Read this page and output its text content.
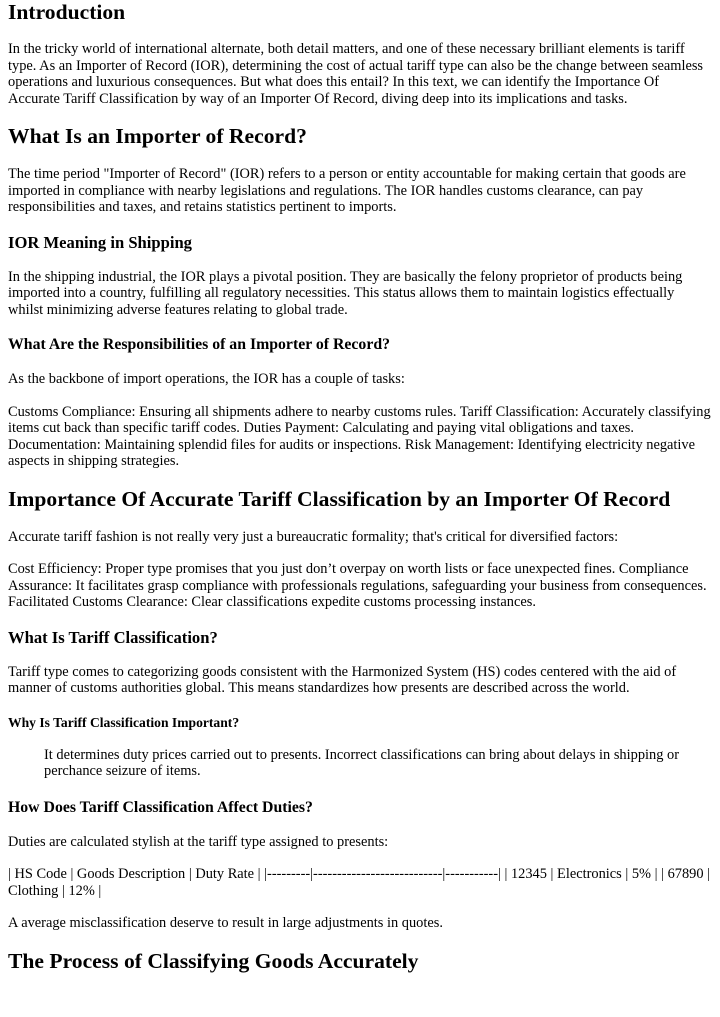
Introduction

In the tricky world of international alternate, both detail matters, and one of these necessary brilliant elements is tariff type. As an Importer of Record (IOR), determining the cost of actual tariff type can also be the change between seamless operations and luxurious consequences. But what does this entail? In this text, we can identify the Importance Of Accurate Tariff Classification by way of an Importer Of Record, diving deep into its implications and tasks.

What Is an Importer of Record?

The time period "Importer of Record" (IOR) refers to a person or entity accountable for making certain that goods are imported in compliance with nearby legislations and regulations. The IOR handles customs clearance, can pay responsibilities and taxes, and retains statistics pertinent to imports.

IOR Meaning in Shipping

In the shipping industrial, the IOR plays a pivotal position. They are basically the felony proprietor of products being imported into a country, fulfilling all regulatory necessities. This status allows them to maintain logistics effectually whilst minimizing adverse features relating to global trade.

What Are the Responsibilities of an Importer of Record?

As the backbone of import operations, the IOR has a couple of tasks:

Customs Compliance: Ensuring all shipments adhere to nearby customs rules. Tariff Classification: Accurately classifying items cut back than specific tariff codes. Duties Payment: Calculating and paying vital obligations and taxes. Documentation: Maintaining splendid files for audits or inspections. Risk Management: Identifying electricity negative aspects in shipping strategies.

Importance Of Accurate Tariff Classification by an Importer Of Record

Accurate tariff fashion is not really very just a bureaucratic formality; that's critical for diversified factors:

Cost Efficiency: Proper type promises that you just don’t overpay on worth lists or face unexpected fines. Compliance Assurance: It facilitates grasp compliance with professionals regulations, safeguarding your business from consequences. Facilitated Customs Clearance: Clear classifications expedite customs processing instances.

What Is Tariff Classification?

Tariff type comes to categorizing goods consistent with the Harmonized System (HS) codes centered with the aid of manner of customs authorities global. This means standardizes how presents are described across the world.

Why Is Tariff Classification Important?

It determines duty prices carried out to presents. Incorrect classifications can bring about delays in shipping or perchance seizure of items.

How Does Tariff Classification Affect Duties?

Duties are calculated stylish at the tariff type assigned to presents:

| HS Code | Goods Description | Duty Rate | |---------|---------------------------|-----------| | 12345 | Electronics | 5% | | 67890 | Clothing | 12% |

A average misclassification deserve to result in large adjustments in quotes.

The Process of Classifying Goods Accurately
